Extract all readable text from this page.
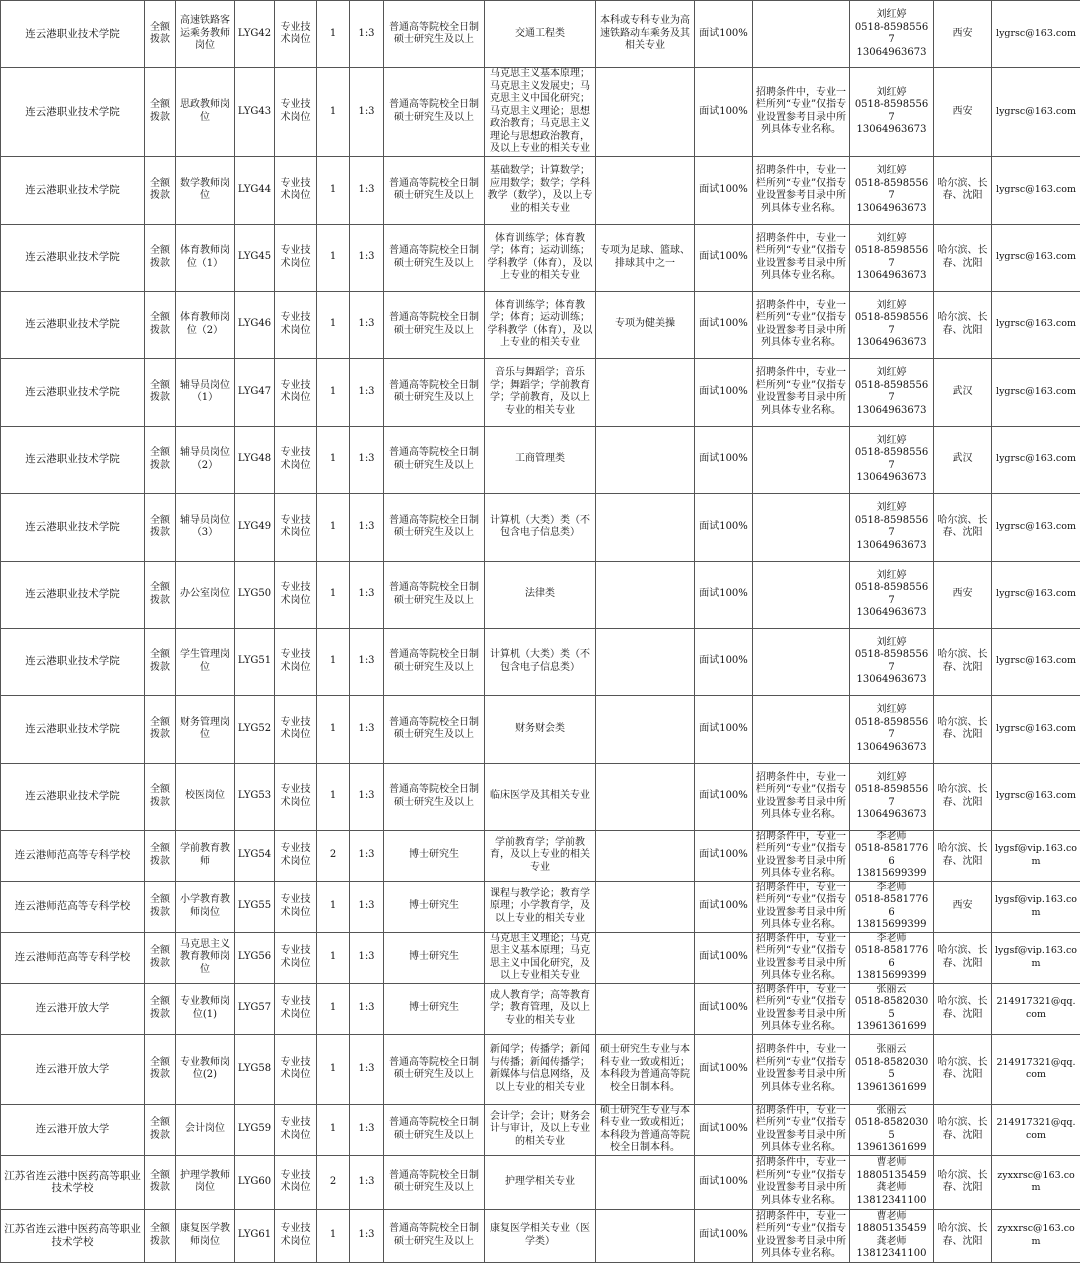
连云港职业技术学院	全额拨款	高速铁路客运乘务教师岗位	LYG42	专业技术岗位	1	1:3	普通高等院校全日制硕士研究生及以上	交通工程类	本科或专科专业为高速铁路动车乘务及其相关专业	面试100%		刘红婷
0518-85985567
13064963673	西安	lygrsc@163.com
连云港职业技术学院	全额拨款	思政教师岗位	LYG43	专业技术岗位	1	1:3	普通高等院校全日制硕士研究生及以上	马克思主义基本原理；马克思主义发展史；马克思主义中国化研究；马克思主义理论；思想政治教育；马克思主义理论与思想政治教育，及以上专业的相关专业		面试100%	招聘条件中，专业一栏所列“专业”仅指专业设置参考目录中所列具体专业名称。	刘红婷
0518-85985567
13064963673	西安	lygrsc@163.com
连云港职业技术学院	全额拨款	数学教师岗位	LYG44	专业技术岗位	1	1:3	普通高等院校全日制硕士研究生及以上	基础数学；计算数学；应用数学；数学；学科教学（数学），及以上专业的相关专业		面试100%	招聘条件中，专业一栏所列“专业”仅指专业设置参考目录中所列具体专业名称。	刘红婷
0518-85985567
13064963673	哈尔滨、长春、沈阳	lygrsc@163.com
连云港职业技术学院	全额拨款	体育教师岗位（1）	LYG45	专业技术岗位	1	1:3	普通高等院校全日制硕士研究生及以上	体育训练学；体育教学；体育；运动训练；学科教学（体育），及以上专业的相关专业	专项为足球、篮球、排球其中之一	面试100%	招聘条件中，专业一栏所列“专业”仅指专业设置参考目录中所列具体专业名称。	刘红婷
0518-85985567
13064963673	哈尔滨、长春、沈阳	lygrsc@163.com
连云港职业技术学院	全额拨款	体育教师岗位（2）	LYG46	专业技术岗位	1	1:3	普通高等院校全日制硕士研究生及以上	体育训练学；体育教学；体育；运动训练；学科教学（体育），及以上专业的相关专业	专项为健美操	面试100%	招聘条件中，专业一栏所列“专业”仅指专业设置参考目录中所列具体专业名称。	刘红婷
0518-85985567
13064963673	哈尔滨、长春、沈阳	lygrsc@163.com
连云港职业技术学院	全额拨款	辅导员岗位（1）	LYG47	专业技术岗位	1	1:3	普通高等院校全日制硕士研究生及以上	音乐与舞蹈学；音乐学；舞蹈学；学前教育学；学前教育，及以上专业的相关专业		面试100%	招聘条件中，专业一栏所列“专业”仅指专业设置参考目录中所列具体专业名称。	刘红婷
0518-85985567
13064963673	武汉	lygrsc@163.com
连云港职业技术学院	全额拨款	辅导员岗位（2）	LYG48	专业技术岗位	1	1:3	普通高等院校全日制硕士研究生及以上	工商管理类		面试100%		刘红婷
0518-85985567
13064963673	武汉	lygrsc@163.com
连云港职业技术学院	全额拨款	辅导员岗位（3）	LYG49	专业技术岗位	1	1:3	普通高等院校全日制硕士研究生及以上	计算机（大类）类（不包含电子信息类）		面试100%		刘红婷
0518-85985567
13064963673	哈尔滨、长春、沈阳	lygrsc@163.com
连云港职业技术学院	全额拨款	办公室岗位	LYG50	专业技术岗位	1	1:3	普通高等院校全日制硕士研究生及以上	法律类		面试100%		刘红婷
0518-85985567
13064963673	西安	lygrsc@163.com
连云港职业技术学院	全额拨款	学生管理岗位	LYG51	专业技术岗位	1	1:3	普通高等院校全日制硕士研究生及以上	计算机（大类）类（不包含电子信息类）		面试100%		刘红婷
0518-85985567
13064963673	哈尔滨、长春、沈阳	lygrsc@163.com
连云港职业技术学院	全额拨款	财务管理岗位	LYG52	专业技术岗位	1	1:3	普通高等院校全日制硕士研究生及以上	财务财会类		面试100%		刘红婷
0518-85985567
13064963673	哈尔滨、长春、沈阳	lygrsc@163.com
连云港职业技术学院	全额拨款	校医岗位	LYG53	专业技术岗位	1	1:3	普通高等院校全日制硕士研究生及以上	临床医学及其相关专业		面试100%	招聘条件中，专业一栏所列“专业”仅指专业设置参考目录中所列具体专业名称。	刘红婷
0518-85985567
13064963673	哈尔滨、长春、沈阳	lygrsc@163.com
连云港师范高等专科学校	全额拨款	学前教育教师	LYG54	专业技术岗位	2	1:3	博士研究生	学前教育学；学前教育，及以上专业的相关专业		面试100%	招聘条件中，专业一栏所列“专业”仅指专业设置参考目录中所列具体专业名称。	李老师
0518-85817766
13815699399	哈尔滨、长春、沈阳	lygsf@vip.163.com
连云港师范高等专科学校	全额拨款	小学教育教师岗位	LYG55	专业技术岗位	1	1:3	博士研究生	课程与教学论；教育学原理；小学教育学，及以上专业的相关专业		面试100%	招聘条件中，专业一栏所列“专业”仅指专业设置参考目录中所列具体专业名称。	李老师
0518-85817766
13815699399	西安	lygsf@vip.163.com
连云港师范高等专科学校	全额拨款	马克思主义教育教师岗位	LYG56	专业技术岗位	1	1:3	博士研究生	马克思主义理论；马克思主义基本原理；马克思主义中国化研究，及以上专业相关专业		面试100%	招聘条件中，专业一栏所列“专业”仅指专业设置参考目录中所列具体专业名称。	李老师
0518-85817766
13815699399	哈尔滨、长春、沈阳	lygsf@vip.163.com
连云港开放大学	全额拨款	专业教师岗位(1)	LYG57	专业技术岗位	1	1:3	博士研究生	成人教育学；高等教育学；教育管理，及以上专业的相关专业		面试100%	招聘条件中，专业一栏所列“专业”仅指专业设置参考目录中所列具体专业名称。	张丽云
0518-85820305
13961361699	哈尔滨、长春、沈阳	214917321@qq.com
连云港开放大学	全额拨款	专业教师岗位(2)	LYG58	专业技术岗位	1	1:3	普通高等院校全日制硕士研究生及以上	新闻学；传播学；新闻与传播；新闻传播学；新媒体与信息网络，及以上专业的相关专业	硕士研究生专业与本科专业一致或相近；本科段为普通高等院校全日制本科。	面试100%	招聘条件中，专业一栏所列“专业”仅指专业设置参考目录中所列具体专业名称。	张丽云
0518-85820305
13961361699	哈尔滨、长春、沈阳	214917321@qq.com
连云港开放大学	全额拨款	会计岗位	LYG59	专业技术岗位	1	1:3	普通高等院校全日制硕士研究生及以上	会计学；会计；财务会计与审计，及以上专业的相关专业	硕士研究生专业与本科专业一致或相近；本科段为普通高等院校全日制本科。	面试100%	招聘条件中，专业一栏所列“专业”仅指专业设置参考目录中所列具体专业名称。	张丽云
0518-85820305
13961361699	哈尔滨、长春、沈阳	214917321@qq.com
江苏省连云港中医药高等职业技术学校	全额拨款	护理学教师岗位	LYG60	专业技术岗位	2	1:3	普通高等院校全日制硕士研究生及以上	护理学相关专业		面试100%	招聘条件中，专业一栏所列“专业”仅指专业设置参考目录中所列具体专业名称。	曹老师
18805135459
龚老师
13812341100	哈尔滨、长春、沈阳	zyxxrsc@163.com
江苏省连云港中医药高等职业技术学校	全额拨款	康复医学教师岗位	LYG61	专业技术岗位	1	1:3	普通高等院校全日制硕士研究生及以上	康复医学相关专业（医学类）		面试100%	招聘条件中，专业一栏所列“专业”仅指专业设置参考目录中所列具体专业名称。	曹老师
18805135459
龚老师
13812341100	哈尔滨、长春、沈阳	zyxxrsc@163.com
